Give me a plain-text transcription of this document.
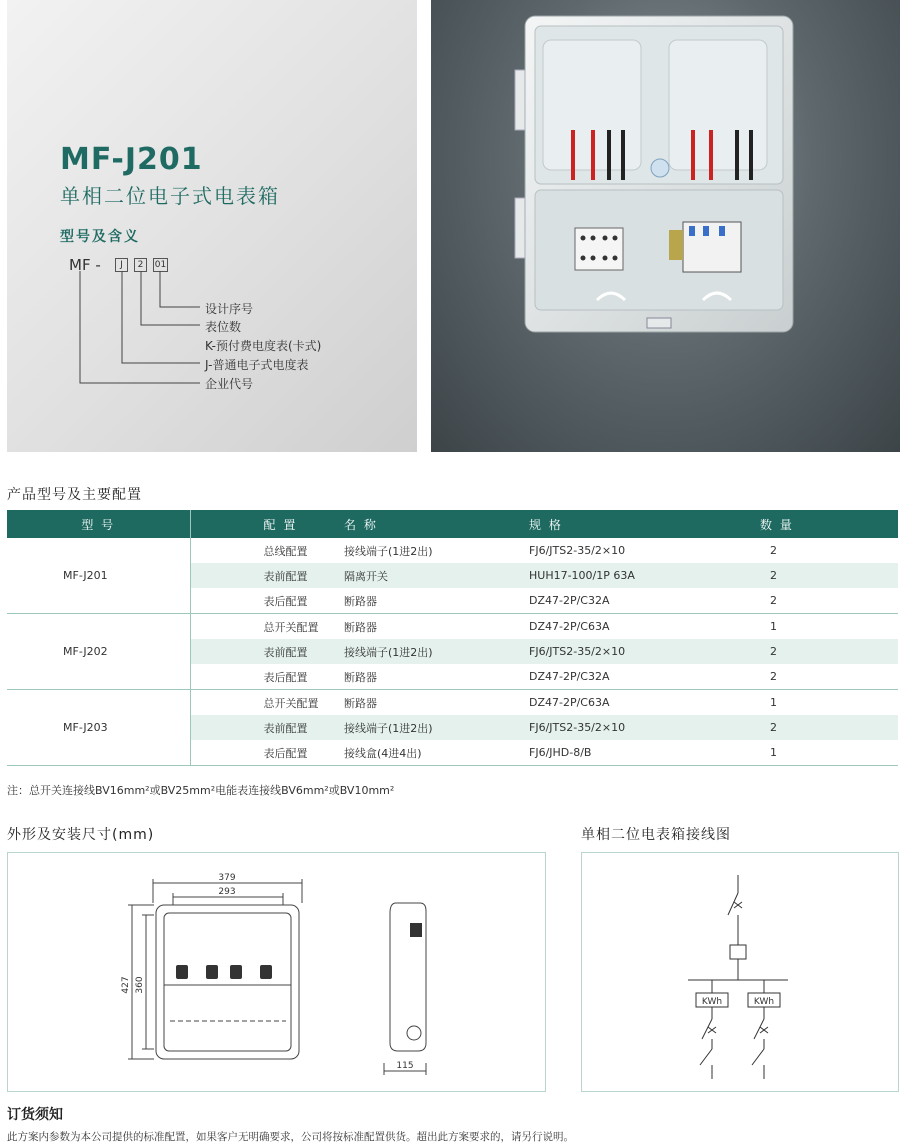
MF-J201
单相二位电子式电表箱
型号及含义
MF -	J	2	01
设计序号
表位数
K-预付费电度表(卡式)
J-普通电子式电度表
企业代号
产品型号及主要配置
型 号	配 置	名 称	规 格	数 量
MF-J201	总线配置	接线端子(1进2出)	FJ6/JTS2-35/2×10	2
	表前配置	隔离开关	HUH17-100/1P 63A	2
	表后配置	断路器	DZ47-2P/C32A	2
MF-J202	总开关配置	断路器	DZ47-2P/C63A	1
	表前配置	接线端子(1进2出)	FJ6/JTS2-35/2×10	2
	表后配置	断路器	DZ47-2P/C32A	2
MF-J203	总开关配置	断路器	DZ47-2P/C63A	1
	表前配置	接线端子(1进2出)	FJ6/JTS2-35/2×10	2
	表后配置	接线盒(4进4出)	FJ6/JHD-8/B	1
注：总开关连接线BV16mm²或BV25mm²电能表连接线BV6mm²或BV10mm²
外形及安装尺寸(mm)
379
293
427 360
115
单相二位电表箱接线图
KWh	KWh
订货须知
此方案内参数为本公司提供的标准配置，如果客户无明确要求，公司将按标准配置供货。超出此方案要求的，请另行说明。
